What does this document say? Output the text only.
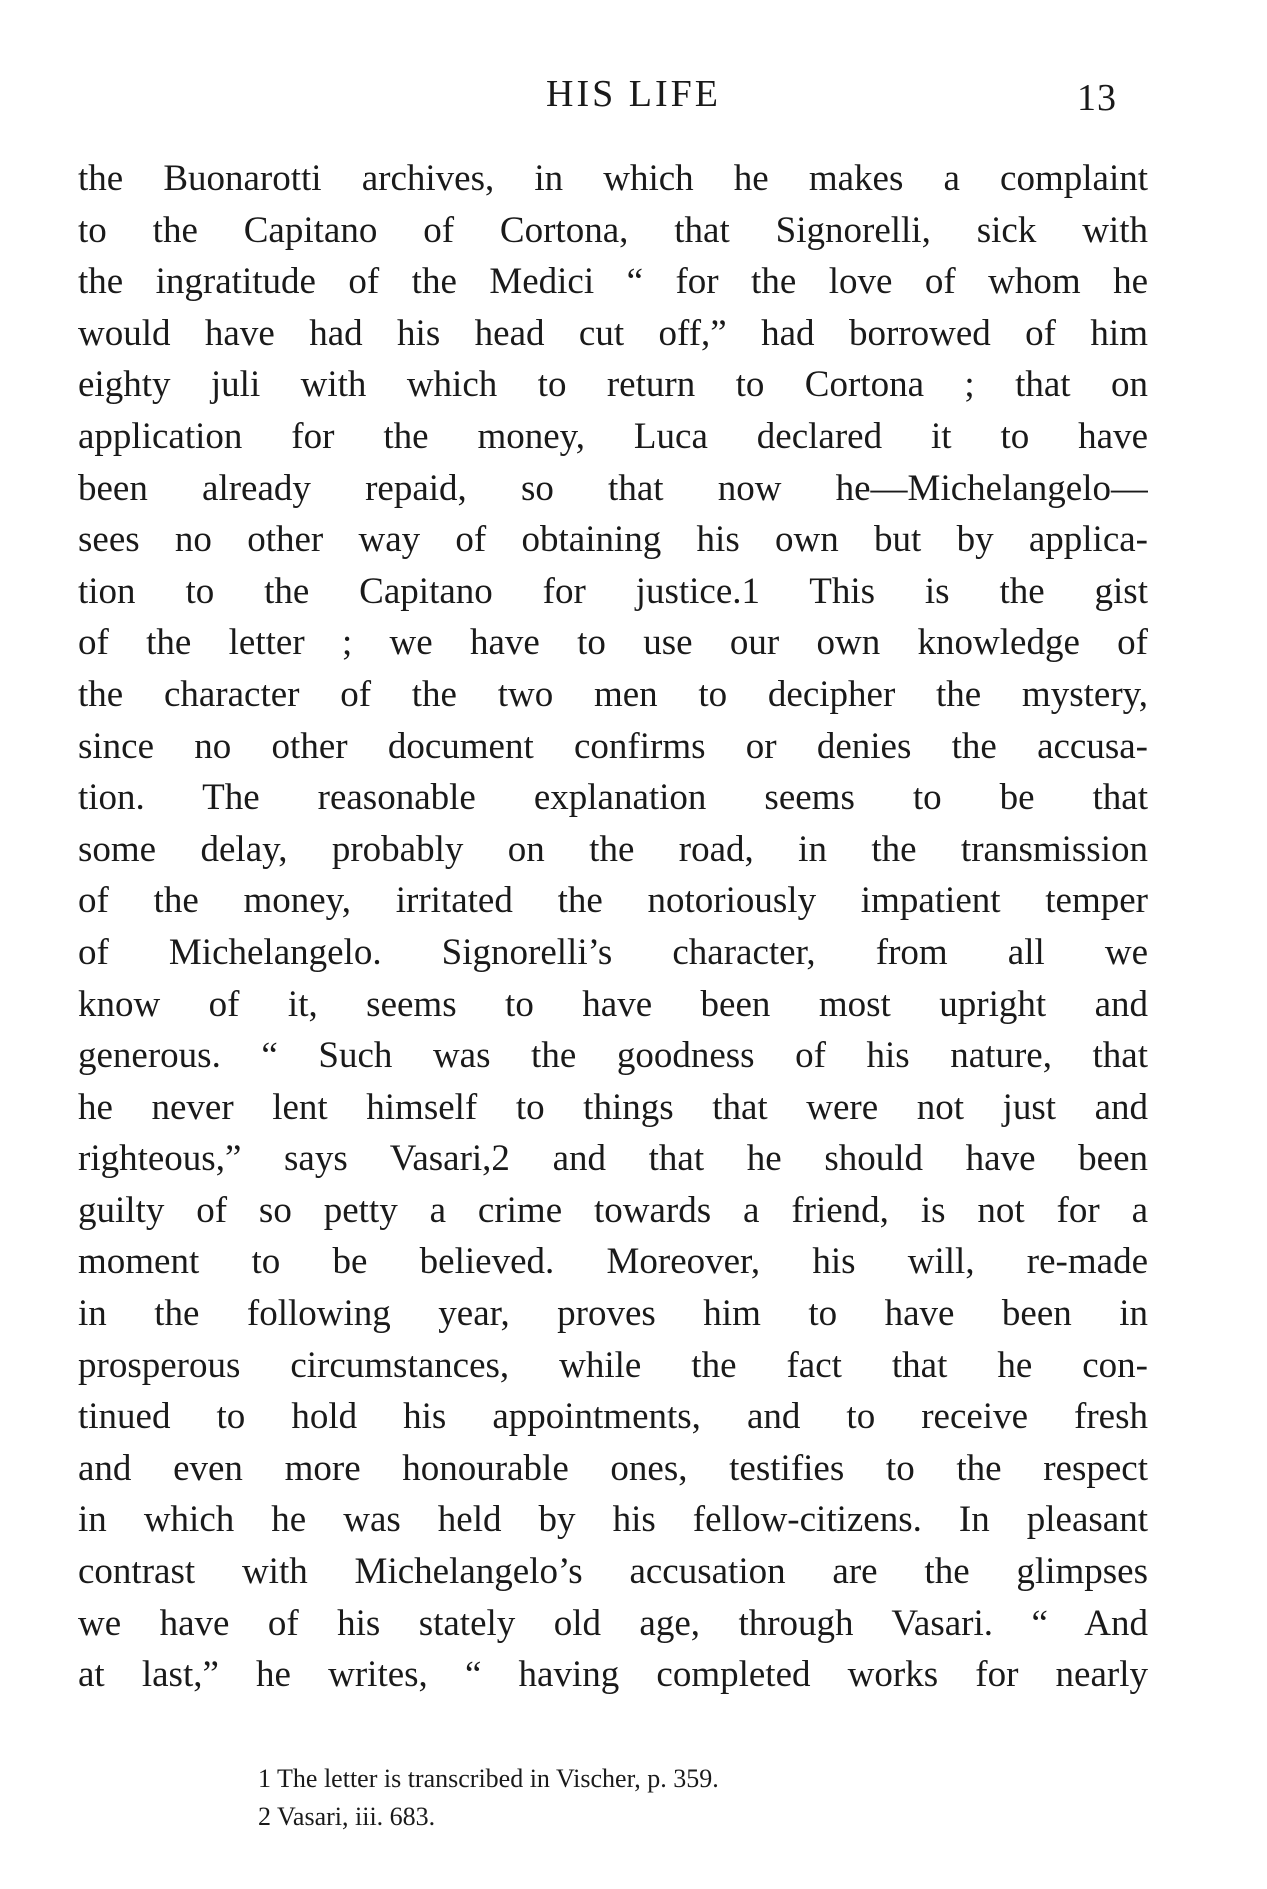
HIS LIFE	13
the Buonarotti archives, in which he makes a complaint
to the Capitano of Cortona, that Signorelli, sick with
the ingratitude of the Medici “ for the love of whom he
would have had his head cut off,” had borrowed of him
eighty juli with which to return to Cortona ; that on
application for the money, Luca declared it to have
been already repaid, so that now he—Michelangelo—
sees no other way of obtaining his own but by applica-
tion to the Capitano for justice.1 This is the gist
of the letter ; we have to use our own knowledge of
the character of the two men to decipher the mystery,
since no other document confirms or denies the accusa-
tion. The reasonable explanation seems to be that
some delay, probably on the road, in the transmission
of the money, irritated the notoriously impatient temper
of Michelangelo. Signorelli’s character, from all we
know of it, seems to have been most upright and
generous. “ Such was the goodness of his nature, that
he never lent himself to things that were not just and
righteous,” says Vasari,2 and that he should have been
guilty of so petty a crime towards a friend, is not for a
moment to be believed. Moreover, his will, re-made
in the following year, proves him to have been in
prosperous circumstances, while the fact that he con-
tinued to hold his appointments, and to receive fresh
and even more honourable ones, testifies to the respect
in which he was held by his fellow-citizens. In pleasant
contrast with Michelangelo’s accusation are the glimpses
we have of his stately old age, through Vasari. “ And
at last,” he writes, “ having completed works for nearly
1 The letter is transcribed in Vischer, p. 359.
2 Vasari, iii. 683.
